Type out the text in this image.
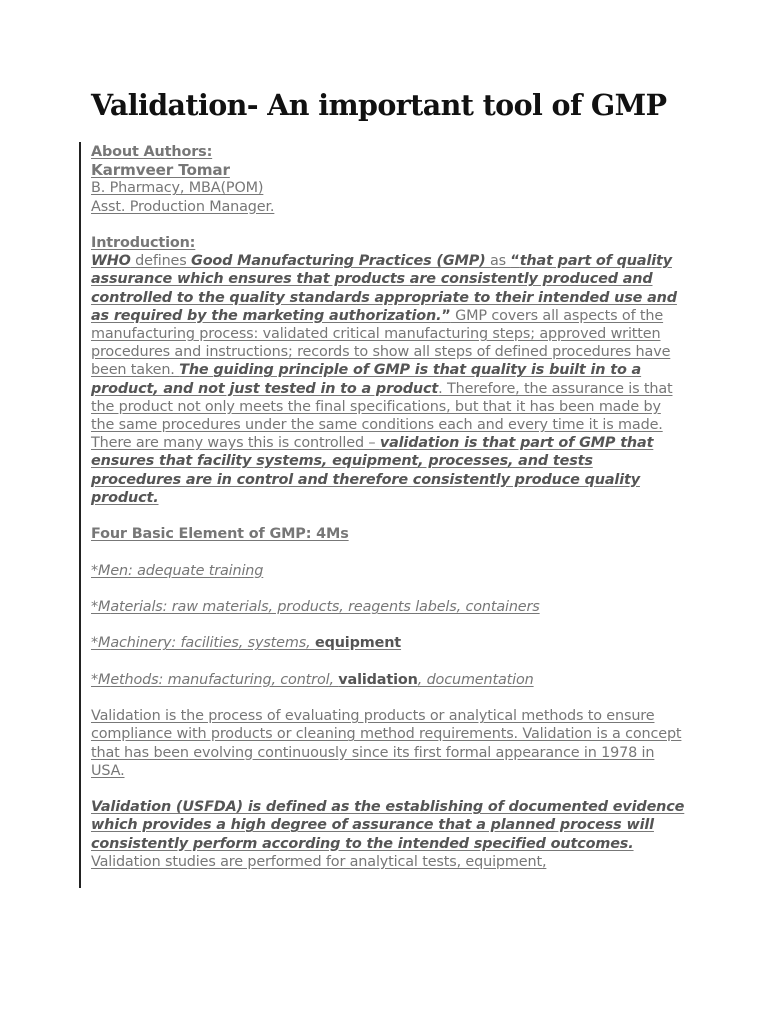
Validation- An important tool of GMP

About Authors:
Karmveer Tomar
B. Pharmacy, MBA(POM)
Asst. Production Manager.

Introduction:
WHO defines Good Manufacturing Practices (GMP) as “that part of quality assurance which ensures that products are consistently produced and controlled to the quality standards appropriate to their intended use and as required by the marketing authorization.” GMP covers all aspects of the manufacturing process: validated critical manufacturing steps; approved written procedures and instructions; records to show all steps of defined procedures have been taken. The guiding principle of GMP is that quality is built in to a product, and not just tested in to a product. Therefore, the assurance is that the product not only meets the final specifications, but that it has been made by the same procedures under the same conditions each and every time it is made. There are many ways this is controlled – validation is that part of GMP that ensures that facility systems, equipment, processes, and tests procedures are in control and therefore consistently produce quality product.

Four Basic Element of GMP: 4Ms

*Men: adequate training

*Materials: raw materials, products, reagents labels, containers

*Machinery: facilities, systems, equipment

*Methods: manufacturing, control, validation, documentation

Validation is the process of evaluating products or analytical methods to ensure compliance with products or cleaning method requirements. Validation is a concept that has been evolving continuously since its first formal appearance in 1978 in USA.

Validation (USFDA) is defined as the establishing of documented evidence which provides a high degree of assurance that a planned process will consistently perform according to the intended specified outcomes. Validation studies are performed for analytical tests, equipment,
